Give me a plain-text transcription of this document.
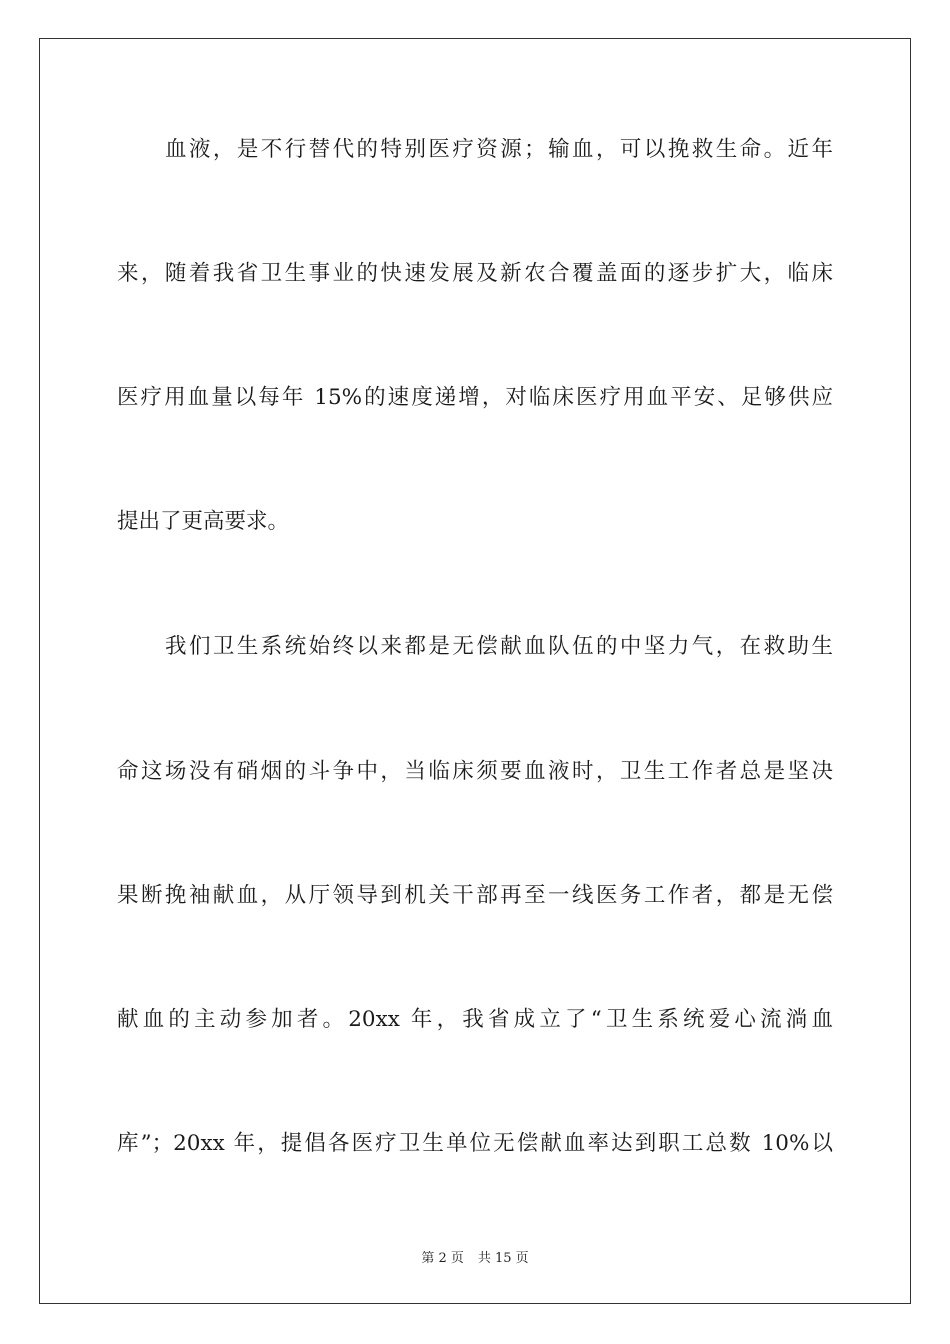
血液，是不行替代的特别医疗资源；输血，可以挽救生命。近年
来，随着我省卫生事业的快速发展及新农合覆盖面的逐步扩大，临床
医疗用血量以每年 15%的速度递增，对临床医疗用血平安、足够供应
提出了更高要求。
我们卫生系统始终以来都是无偿献血队伍的中坚力气，在救助生
命这场没有硝烟的斗争中，当临床须要血液时，卫生工作者总是坚决
果断挽袖献血，从厅领导到机关干部再至一线医务工作者，都是无偿
献血的主动参加者。20xx 年，我省成立了“卫生系统爱心流淌血
库”；20xx 年，提倡各医疗卫生单位无偿献血率达到职工总数 10%以
第 2 页 共 15 页
